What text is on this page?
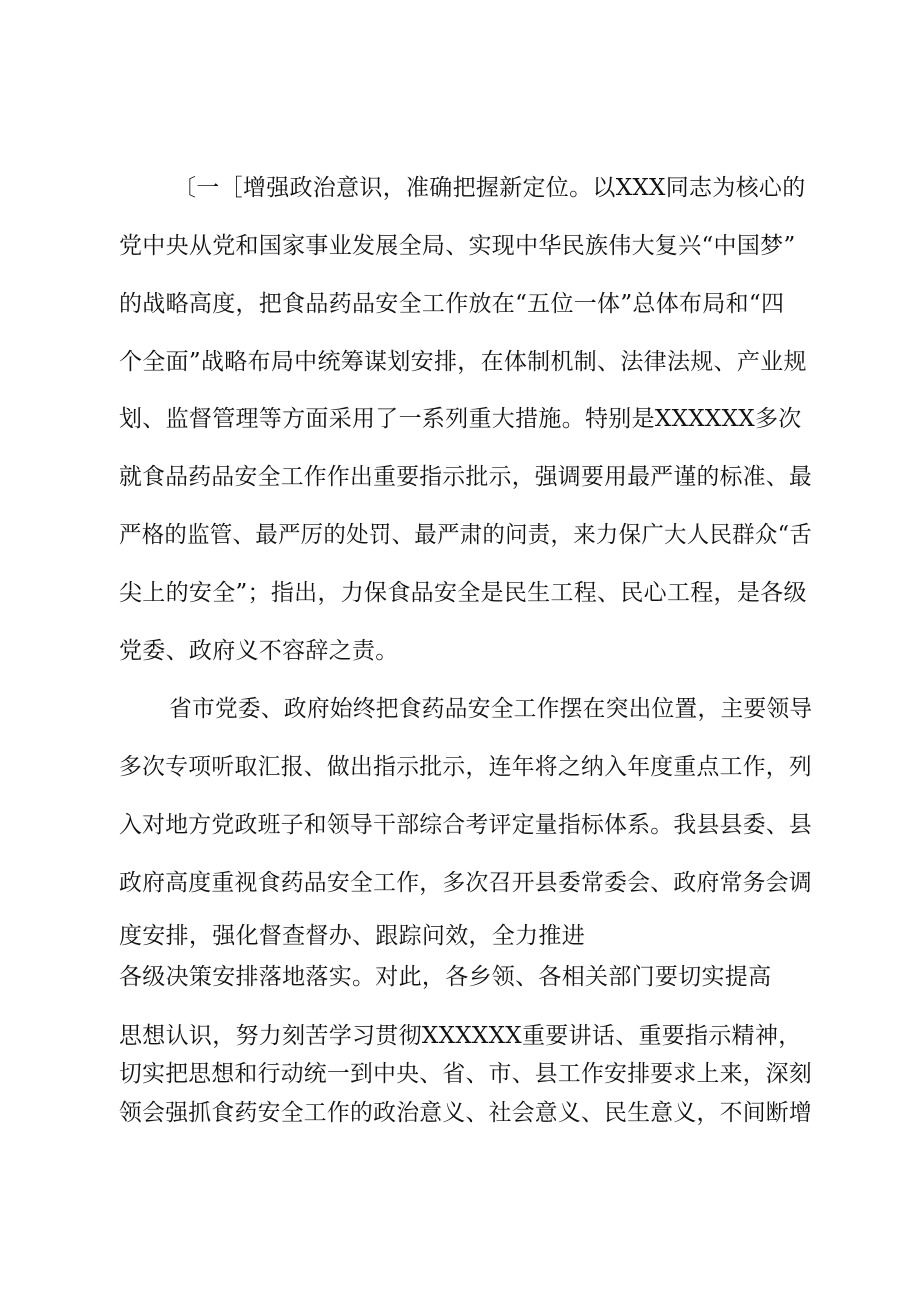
〔一［增强政治意识，准确把握新定位。以XXX同志为核心的
党中央从党和国家事业发展全局、实现中华民族伟大复兴“中国梦”
的战略高度，把食品药品安全工作放在“五位一体”总体布局和“四
个全面”战略布局中统筹谋划安排，在体制机制、法律法规、产业规
划、监督管理等方面采用了一系列重大措施。特别是XXXXXX多次
就食品药品安全工作作出重要指示批示，强调要用最严谨的标准、最
严格的监管、最严厉的处罚、最严肃的问责，来力保广大人民群众“舌
尖上的安全”；指出，力保食品安全是民生工程、民心工程，是各级
党委、政府义不容辞之责。
省市党委、政府始终把食药品安全工作摆在突出位置，主要领导
多次专项听取汇报、做出指示批示，连年将之纳入年度重点工作，列
入对地方党政班子和领导干部综合考评定量指标体系。我县县委、县
政府高度重视食药品安全工作，多次召开县委常委会、政府常务会调
度安排，强化督查督办、跟踪问效，全力推进
各级决策安排落地落实。对此，各乡领、各相关部门要切实提高
思想认识，努力刻苦学习贯彻XXXXXX重要讲话、重要指示精神，
切实把思想和行动统一到中央、省、市、县工作安排要求上来，深刻
领会强抓食药安全工作的政治意义、社会意义、民生意义，不间断增
